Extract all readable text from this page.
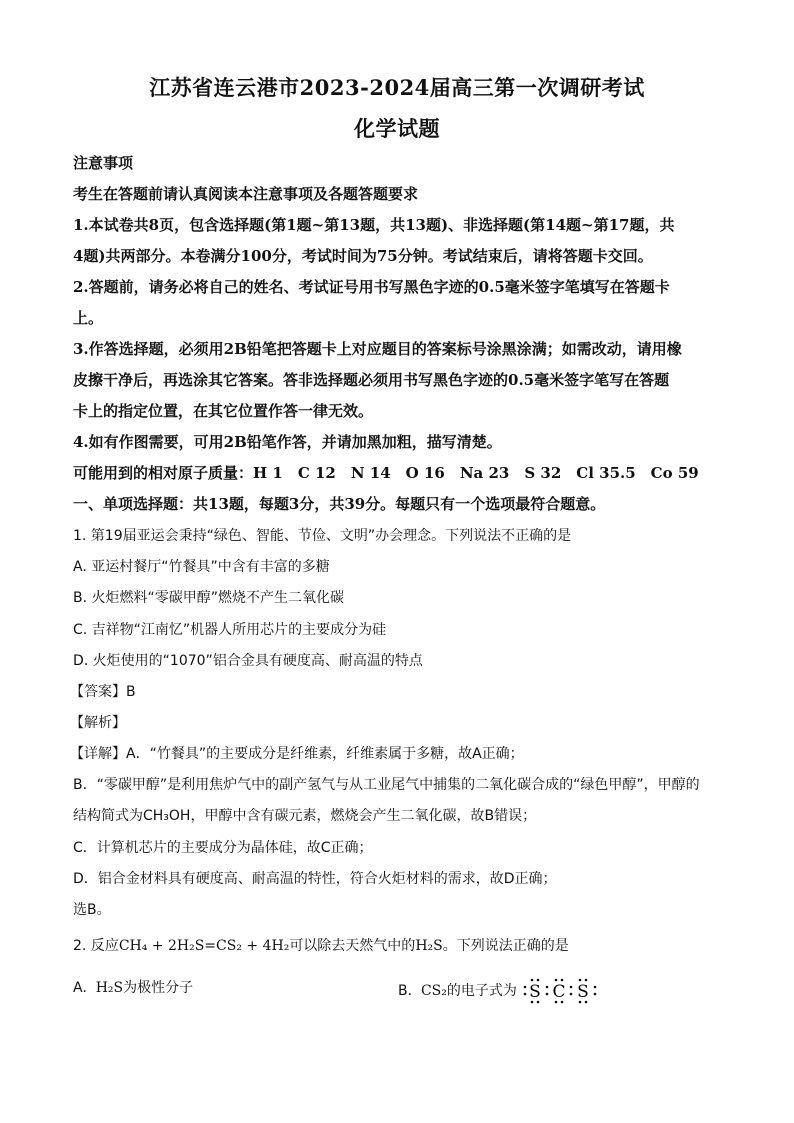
江苏省连云港市2023-2024届高三第一次调研考试
化学试题
注意事项
考生在答题前请认真阅读本注意事项及各题答题要求
1.本试卷共8页，包含选择题(第1题~第13题，共13题)、非选择题(第14题~第17题，共
4题)共两部分。本卷满分100分，考试时间为75分钟。考试结束后，请将答题卡交回。
2.答题前，请务必将自己的姓名、考试证号用书写黑色字迹的0.5毫米签字笔填写在答题卡
上。
3.作答选择题，必须用2B铅笔把答题卡上对应题目的答案标号涂黑涂满；如需改动，请用橡
皮擦干净后，再选涂其它答案。答非选择题必须用书写黑色字迹的0.5毫米签字笔写在答题
卡上的指定位置，在其它位置作答一律无效。
4.如有作图需要，可用2B铅笔作答，并请加黑加粗，描写清楚。
可能用到的相对原子质量：H 1　C 12　N 14　O 16　Na 23　S 32　Cl 35.5　Co 59
一、单项选择题：共13题，每题3分，共39分。每题只有一个选项最符合题意。
1. 第19届亚运会秉持“绿色、智能、节俭、文明”办会理念。下列说法不正确的是
A. 亚运村餐厅“竹餐具”中含有丰富的多糖
B. 火炬燃料“零碳甲醇”燃烧不产生二氧化碳
C. 吉祥物“江南忆”机器人所用芯片的主要成分为硅
D. 火炬使用的“1070”铝合金具有硬度高、耐高温的特点
【答案】B
【解析】
【详解】A．“竹餐具”的主要成分是纤维素，纤维素属于多糖，故A正确；
B．“零碳甲醇”是利用焦炉气中的副产氢气与从工业尾气中捕集的二氧化碳合成的“绿色甲醇”，甲醇的
结构简式为CH₃OH，甲醇中含有碳元素，燃烧会产生二氧化碳，故B错误；
C．计算机芯片的主要成分为晶体硅，故C正确；
D．铝合金材料具有硬度高、耐高温的特性，符合火炬材料的需求，故D正确；
选B。
2. 反应CH₄ + 2H₂S=CS₂ + 4H₂可以除去天然气中的H₂S。下列说法正确的是
A. H₂S为极性分子	B. CS₂的电子式为 S C S
